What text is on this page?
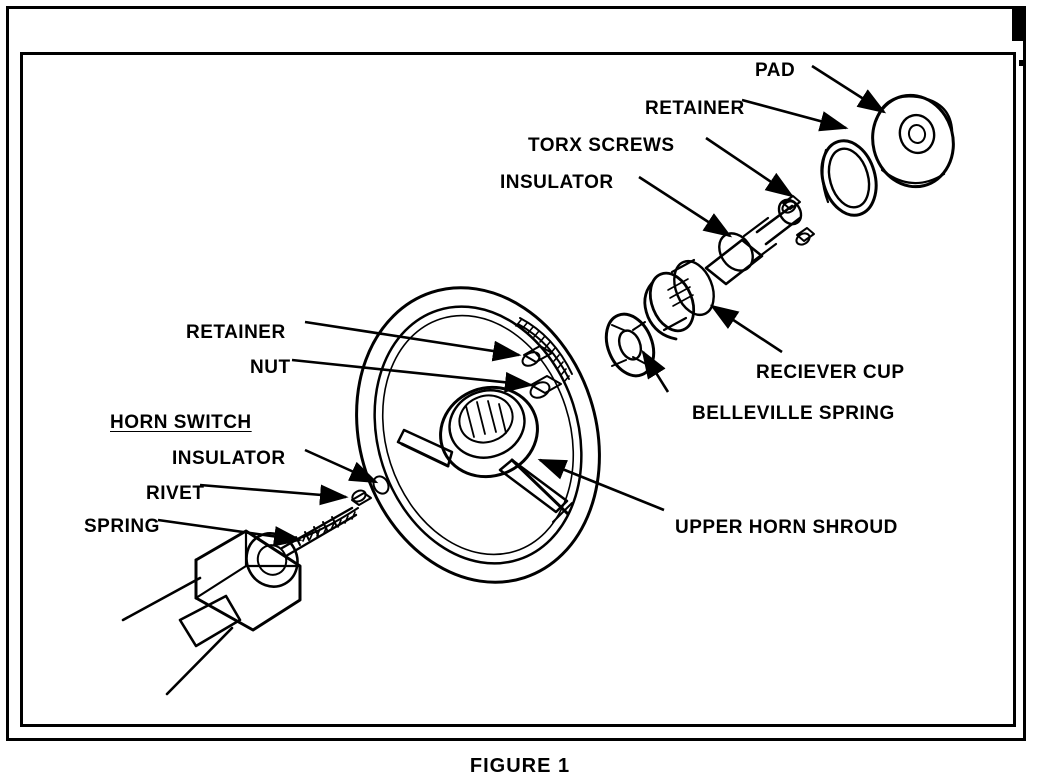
PAD
RETAINER
TORX SCREWS
INSULATOR
RETAINER
NUT
HORN SWITCH
INSULATOR
RIVET
SPRING
RECIEVER CUP
BELLEVILLE SPRING
UPPER HORN SHROUD
FIGURE 1
